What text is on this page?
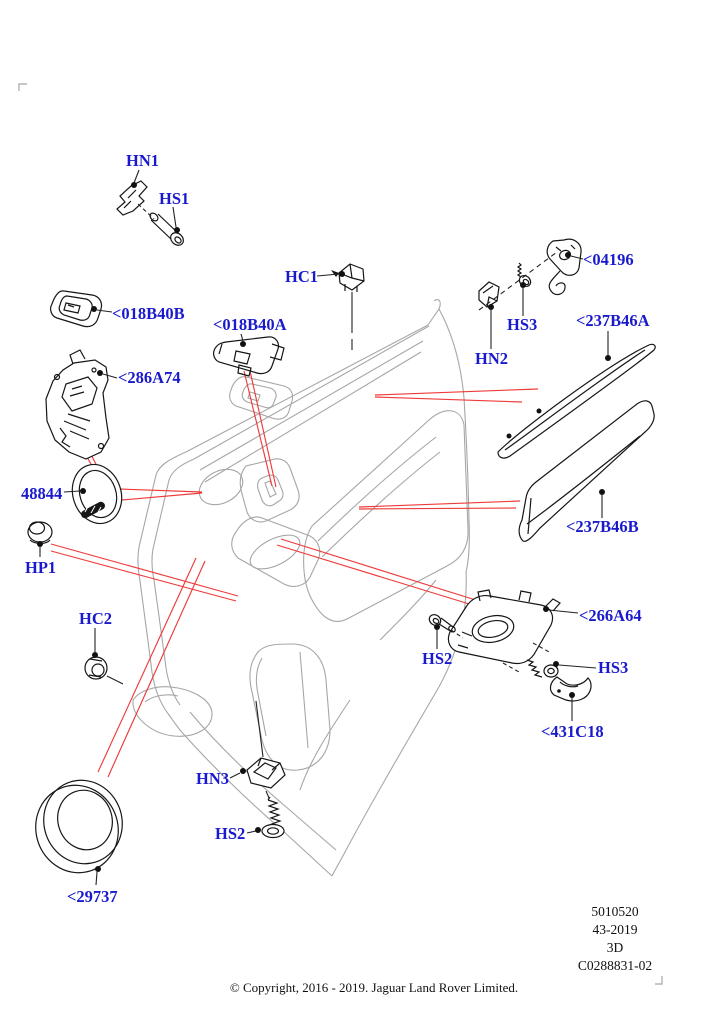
HN1
HS1
HC1
<04196
<018B40B
<018B40A	HS3 <237B46A
HN2
<286A74
48844
HP1
<237B46B
HC2	<266A64
HS2	HS3
<431C18
HN3
HS2
<29737
5010520
43-2019
3D
C0288831-02
© Copyright, 2016 - 2019. Jaguar Land Rover Limited.
